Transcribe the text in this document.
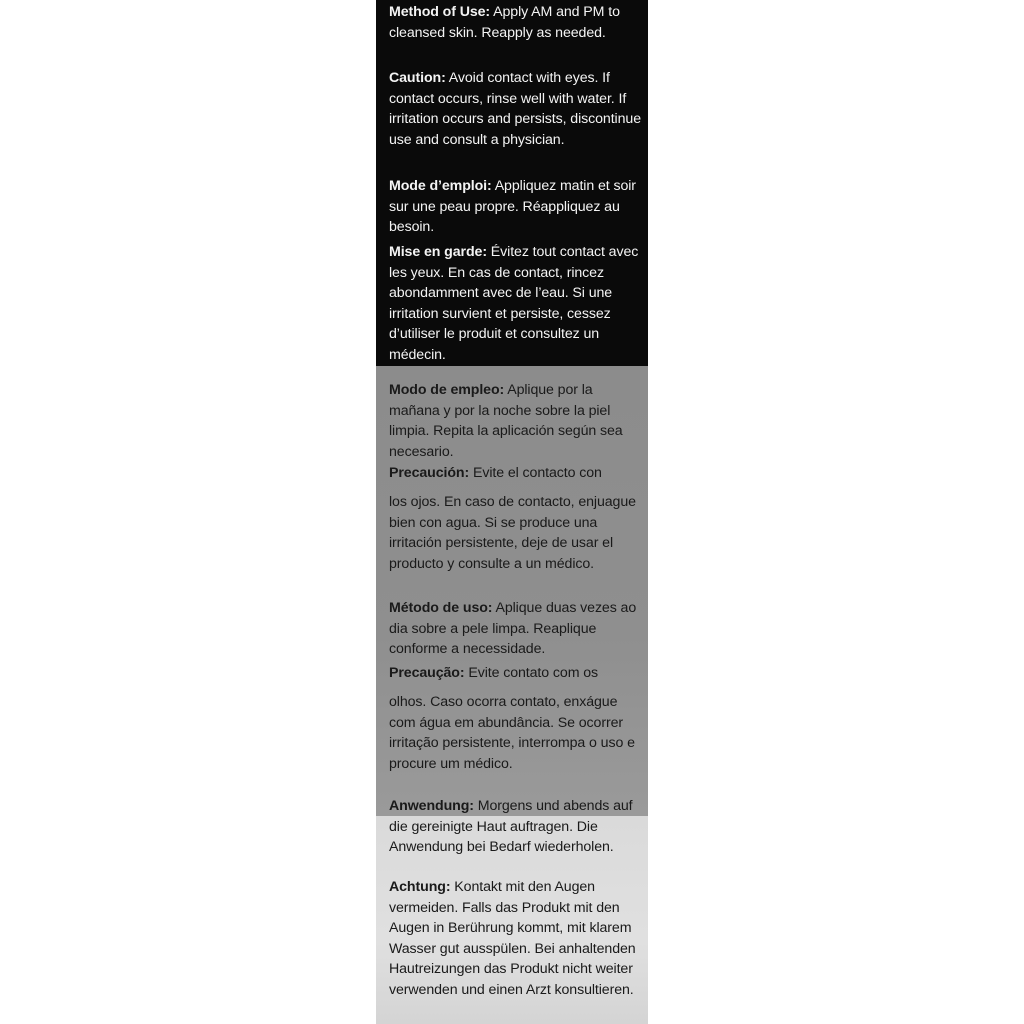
Method of Use: Apply AM and PM to cleansed skin. Reapply as needed.

Caution: Avoid contact with eyes. If contact occurs, rinse well with water. If irritation occurs and persists, discontinue use and consult a physician.

Mode d’emploi: Appliquez matin et soir sur une peau propre. Réappliquez au besoin.

Mise en garde: Évitez tout contact avec les yeux. En cas de contact, rincez abondamment avec de l’eau. Si une irritation survient et persiste, cessez d’utiliser le produit et consultez un médecin.

Modo de empleo: Aplique por la mañana y por la noche sobre la piel limpia. Repita la aplicación según sea necesario.

Precaución: Evite el contacto con

los ojos. En caso de contacto, enjuague bien con agua. Si se produce una irritación persistente, deje de usar el producto y consulte a un médico.

Método de uso: Aplique duas vezes ao dia sobre a pele limpa. Reaplique conforme a necessidade.

Precaução: Evite contato com os

olhos. Caso ocorra contato, enxágue com água em abundância. Se ocorrer irritação persistente, interrompa o uso e procure um médico.

Anwendung: Morgens und abends auf die gereinigte Haut auftragen. Die Anwendung bei Bedarf wiederholen.

Achtung: Kontakt mit den Augen vermeiden. Falls das Produkt mit den Augen in Berührung kommt, mit klarem Wasser gut ausspülen. Bei anhaltenden Hautreizungen das Produkt nicht weiter verwenden und einen Arzt konsultieren.
